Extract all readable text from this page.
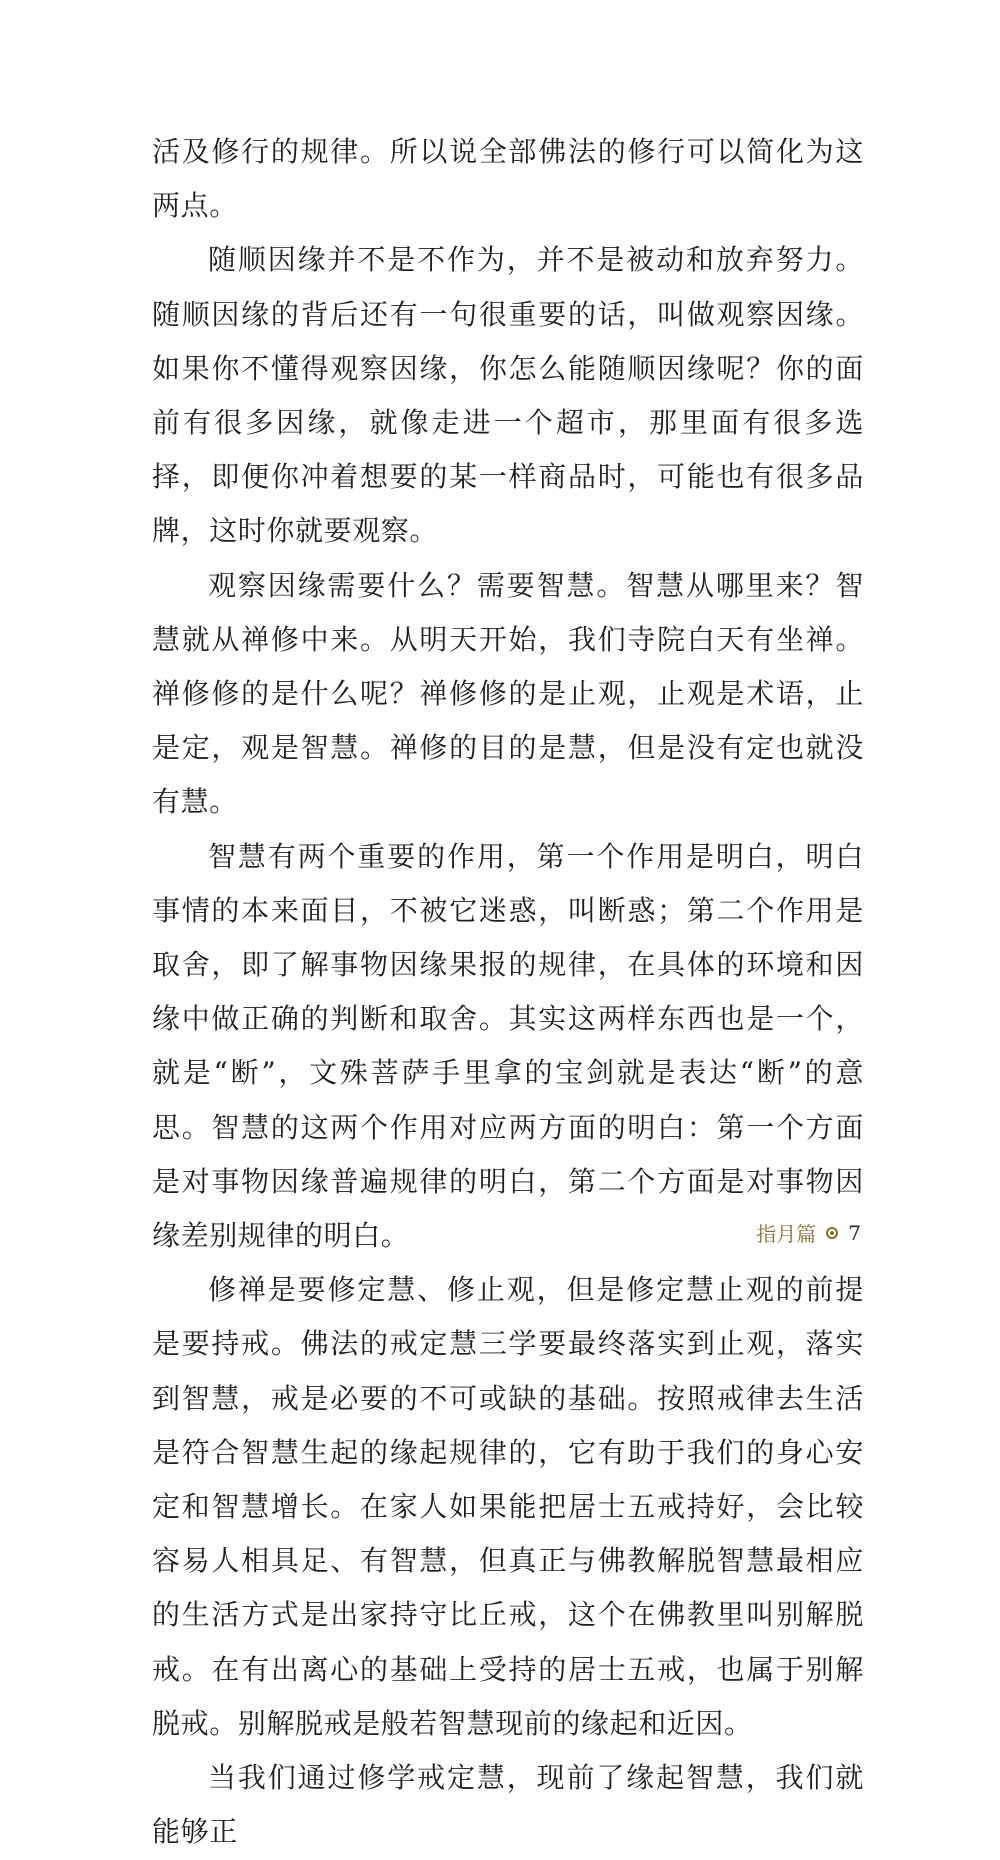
活及修行的规律。所以说全部佛法的修行可以简化为这两点。

随顺因缘并不是不作为，并不是被动和放弃努力。随顺因缘的背后还有一句很重要的话，叫做观察因缘。如果你不懂得观察因缘，你怎么能随顺因缘呢？你的面前有很多因缘，就像走进一个超市，那里面有很多选择，即便你冲着想要的某一样商品时，可能也有很多品牌，这时你就要观察。

观察因缘需要什么？需要智慧。智慧从哪里来？智慧就从禅修中来。从明天开始，我们寺院白天有坐禅。禅修修的是什么呢？禅修修的是止观，止观是术语，止是定，观是智慧。禅修的目的是慧，但是没有定也就没有慧。

智慧有两个重要的作用，第一个作用是明白，明白事情的本来面目，不被它迷惑，叫断惑；第二个作用是取舍，即了解事物因缘果报的规律，在具体的环境和因缘中做正确的判断和取舍。其实这两样东西也是一个，就是“断”，文殊菩萨手里拿的宝剑就是表达“断”的意思。智慧的这两个作用对应两方面的明白：第一个方面是对事物因缘普遍规律的明白，第二个方面是对事物因缘差别规律的明白。

修禅是要修定慧、修止观，但是修定慧止观的前提是要持戒。佛法的戒定慧三学要最终落实到止观，落实到智慧，戒是必要的不可或缺的基础。按照戒律去生活是符合智慧生起的缘起规律的，它有助于我们的身心安定和智慧增长。在家人如果能把居士五戒持好，会比较容易人相具足、有智慧，但真正与佛教解脱智慧最相应的生活方式是出家持守比丘戒，这个在佛教里叫别解脱戒。在有出离心的基础上受持的居士五戒，也属于别解脱戒。别解脱戒是般若智慧现前的缘起和近因。

当我们通过修学戒定慧，现前了缘起智慧，我们就能够正

指月篇 7
